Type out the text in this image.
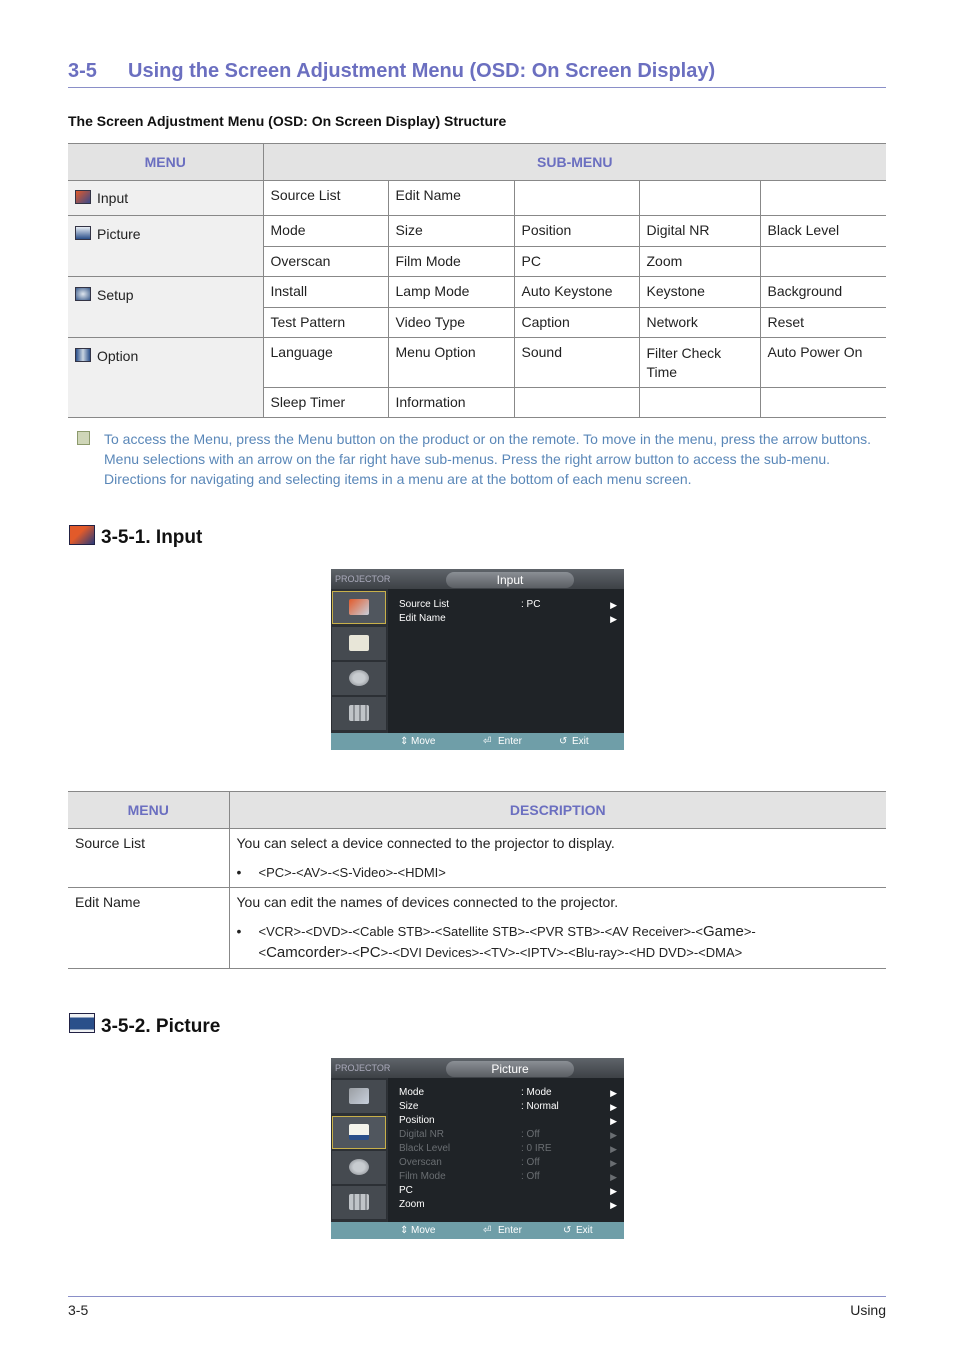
3-5 Using the Screen Adjustment Menu (OSD: On Screen Display)
The Screen Adjustment Menu (OSD: On Screen Display) Structure
MENU	SUB-MENU				
Input	Source List	Edit Name			
Picture	Mode	Size	Position	Digital NR	Black Level
	Overscan	Film Mode	PC	Zoom	
Setup	Install	Lamp Mode	Auto Keystone	Keystone	Background
	Test Pattern	Video Type	Caption	Network	Reset
Option	Language	Menu Option	Sound	Filter Check Time	Auto Power On
	Sleep Timer	Information			
To access the Menu, press the Menu button on the product or on the remote. To move in the menu, press the arrow buttons. Menu selections with an arrow on the far right have sub-menus. Press the right arrow button to access the sub-menu. Directions for navigating and selecting items in a menu are at the bottom of each menu screen.
3-5-1. Input
PROJECTOR	Input
Source List	: PC	▶
Edit Name	▶
⇕ Move	⏎ Enter	↺ Exit
MENU	DESCRIPTION
Source List	You can select a device connected to the projector to display.
• <PC>-<AV>-<S-Video>-<HDMI>

Edit Name	You can edit the names of devices connected to the projector.
• <VCR>-<DVD>-<Cable STB>-<Satellite STB>-<PVR STB>-<AV Receiver>-<Game>-
<Camcorder>-<PC>-<DVI Devices>-<TV>-<IPTV>-<Blu-ray>-<HD DVD>-<DMA>
3-5-2. Picture
PROJECTOR	Picture
Mode	: Mode	▶
Size	: Normal	▶
Position	▶
Digital NR	: Off	▶
Black Level	: 0 IRE	▶
Overscan	: Off	▶
Film Mode	: Off	▶
PC	▶
Zoom	▶
⇕ Move	⏎ Enter	↺ Exit
3-5	Using
